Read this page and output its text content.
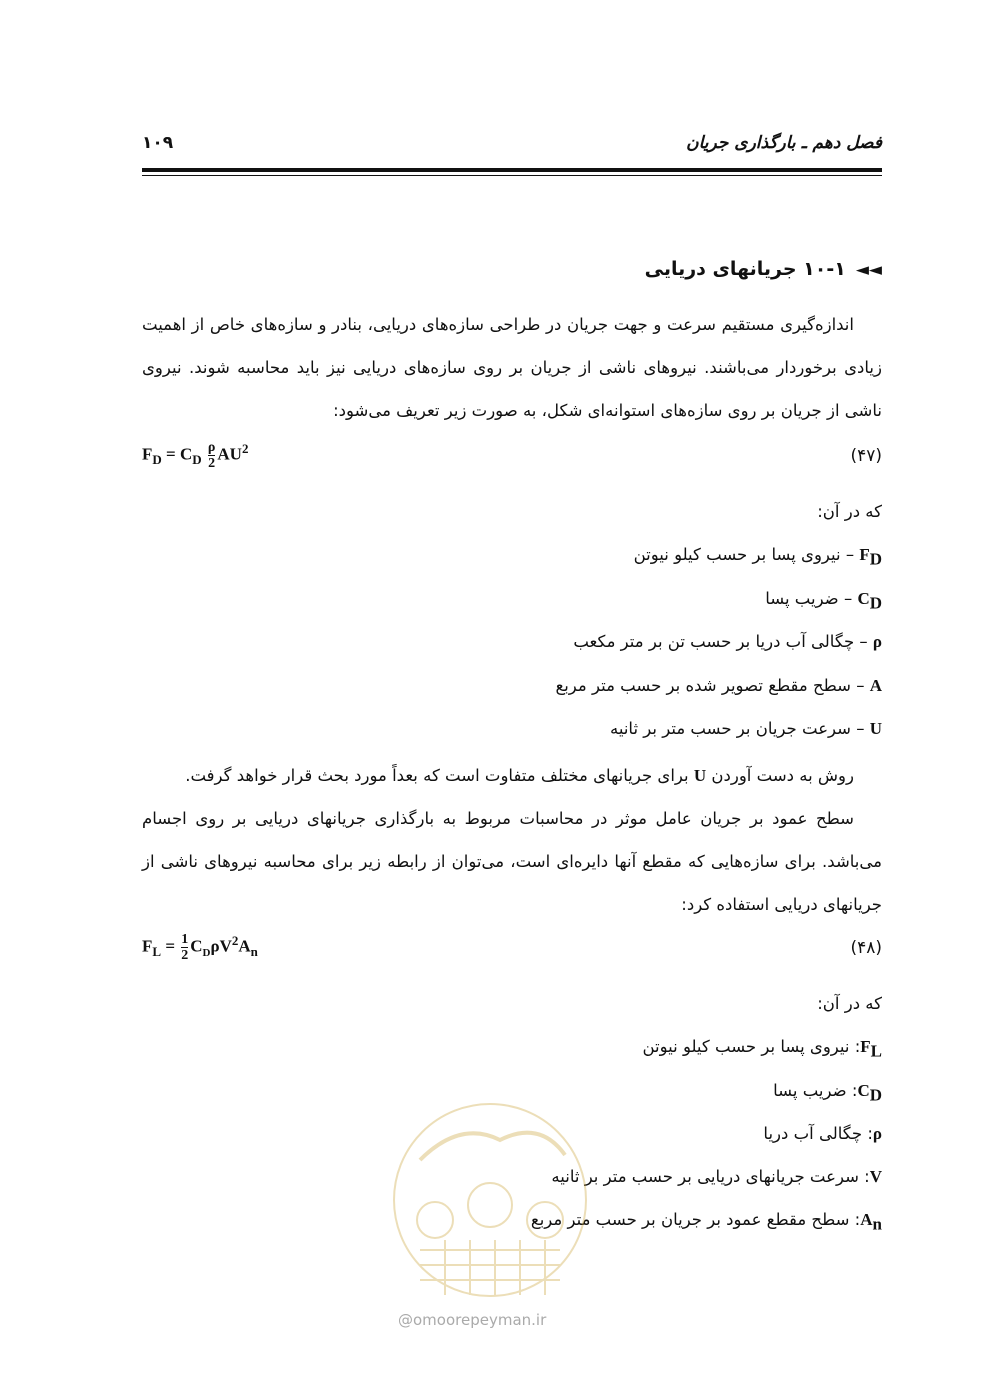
فصل دهم ـ بارگذاری جریان
۱۰۹
◄◄۱۰-۱ جریانهای دریایی
اندازه‌گیری مستقیم سرعت و جهت جریان در طراحی سازه‌های دریایی، بنادر و سازه‌های خاص از اهمیت زیادی برخوردار می‌باشند. نیروهای ناشی از جریان بر روی سازه‌های دریایی نیز باید محاسبه شوند. نیروی ناشی از جریان بر روی سازه‌های استوانه‌ای شکل، به صورت زیر تعریف می‌شود:
(۴۷)
$F_D = C_D \frac{\rho}{2} AU^2$
که در آن:
$F_D$ – نیروی پسا بر حسب کیلو نیوتن
$C_D$ – ضریب پسا
ρ – چگالی آب دریا بر حسب تن بر متر مکعب
A – سطح مقطع تصویر شده بر حسب متر مربع
U – سرعت جریان بر حسب متر بر ثانیه
روش به دست آوردن U برای جریانهای مختلف متفاوت است که بعداً مورد بحث قرار خواهد گرفت.
سطح عمود بر جریان عامل موثر در محاسبات مربوط به بارگذاری جریانهای دریایی بر روی اجسام می‌باشد. برای سازه‌هایی که مقطع آنها دایره‌ای است، می‌توان از رابطه زیر برای محاسبه نیروهای ناشی از جریانهای دریایی استفاده کرد:
(۴۸)
$F_L = \frac{1}{2} C_D\rho V^2A_n$
که در آن:
$F_L$: نیروی پسا بر حسب کیلو نیوتن
$C_D$: ضریب پسا
ρ: چگالی آب دریا
V: سرعت جریانهای دریایی بر حسب متر بر ثانیه
$A_n$: سطح مقطع عمود بر جریان بر حسب متر مربع
@omoorepeyman.ir
